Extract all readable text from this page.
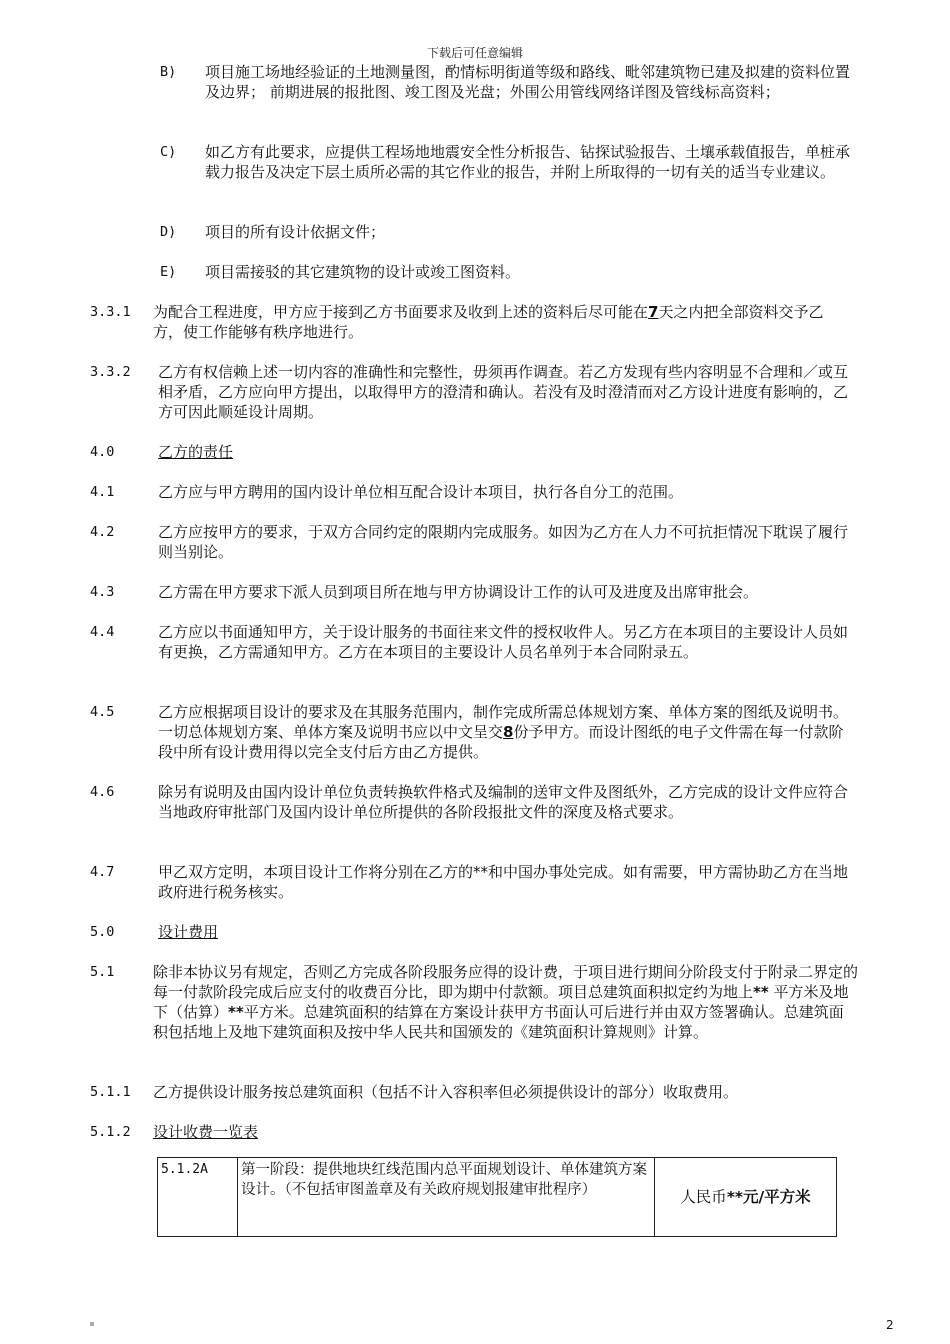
下载后可任意编辑
B) 项目施工场地经验证的土地测量图，酌情标明街道等级和路线、毗邻建筑物已建及拟建的资料位置及边界； 前期进展的报批图、竣工图及光盘；外围公用管线网络详图及管线标高资料；
C) 如乙方有此要求，应提供工程场地地震安全性分析报告、钻探试验报告、土壤承载值报告，单桩承载力报告及决定下层土质所必需的其它作业的报告，并附上所取得的一切有关的适当专业建议。
D) 项目的所有设计依据文件；
E) 项目需接驳的其它建筑物的设计或竣工图资料。
3.3.1 为配合工程进度，甲方应于接到乙方书面要求及收到上述的资料后尽可能在7天之内把全部资料交予乙方，使工作能够有秩序地进行。
3.3.2 乙方有权信赖上述一切内容的准确性和完整性，毋须再作调查。若乙方发现有些内容明显不合理和／或互相矛盾，乙方应向甲方提出，以取得甲方的澄清和确认。若没有及时澄清而对乙方设计进度有影响的，乙方可因此顺延设计周期。
4.0	乙方的责任
4.1	乙方应与甲方聘用的国内设计单位相互配合设计本项目，执行各自分工的范围。
4.2	乙方应按甲方的要求，于双方合同约定的限期内完成服务。如因为乙方在人力不可抗拒情况下耽误了履行则当别论。
4.3	乙方需在甲方要求下派人员到项目所在地与甲方协调设计工作的认可及进度及出席审批会。
4.4	乙方应以书面通知甲方，关于设计服务的书面往来文件的授权收件人。另乙方在本项目的主要设计人员如有更换，乙方需通知甲方。乙方在本项目的主要设计人员名单列于本合同附录五。
4.5	乙方应根据项目设计的要求及在其服务范围内，制作完成所需总体规划方案、单体方案的图纸及说明书。一切总体规划方案、单体方案及说明书应以中文呈交8份予甲方。而设计图纸的电子文件需在每一付款阶段中所有设计费用得以完全支付后方由乙方提供。
4.6	除另有说明及由国内设计单位负责转换软件格式及编制的送审文件及图纸外，乙方完成的设计文件应符合当地政府审批部门及国内设计单位所提供的各阶段报批文件的深度及格式要求。
4.7	甲乙双方定明，本项目设计工作将分别在乙方的**和中国办事处完成。如有需要，甲方需协助乙方在当地政府进行税务核实。
5.0	设计费用
5.1	除非本协议另有规定，否则乙方完成各阶段服务应得的设计费，于项目进行期间分阶段支付于附录二界定的每一付款阶段完成后应支付的收费百分比，即为期中付款额。项目总建筑面积拟定约为地上** 平方米及地下（估算）**平方米。总建筑面积的结算在方案设计获甲方书面认可后进行并由双方签署确认。总建筑面积包括地上及地下建筑面积及按中华人民共和国颁发的《建筑面积计算规则》计算。
5.1.1 乙方提供设计服务按总建筑面积（包括不计入容积率但必须提供设计的部分）收取费用。
5.1.2 设计收费一览表
5.1.2A	第一阶段：提供地块红线范围内总平面规划设计、单体建筑方案设计。（不包括审图盖章及有关政府规划报建审批程序）	人民币**元/平方米
2
